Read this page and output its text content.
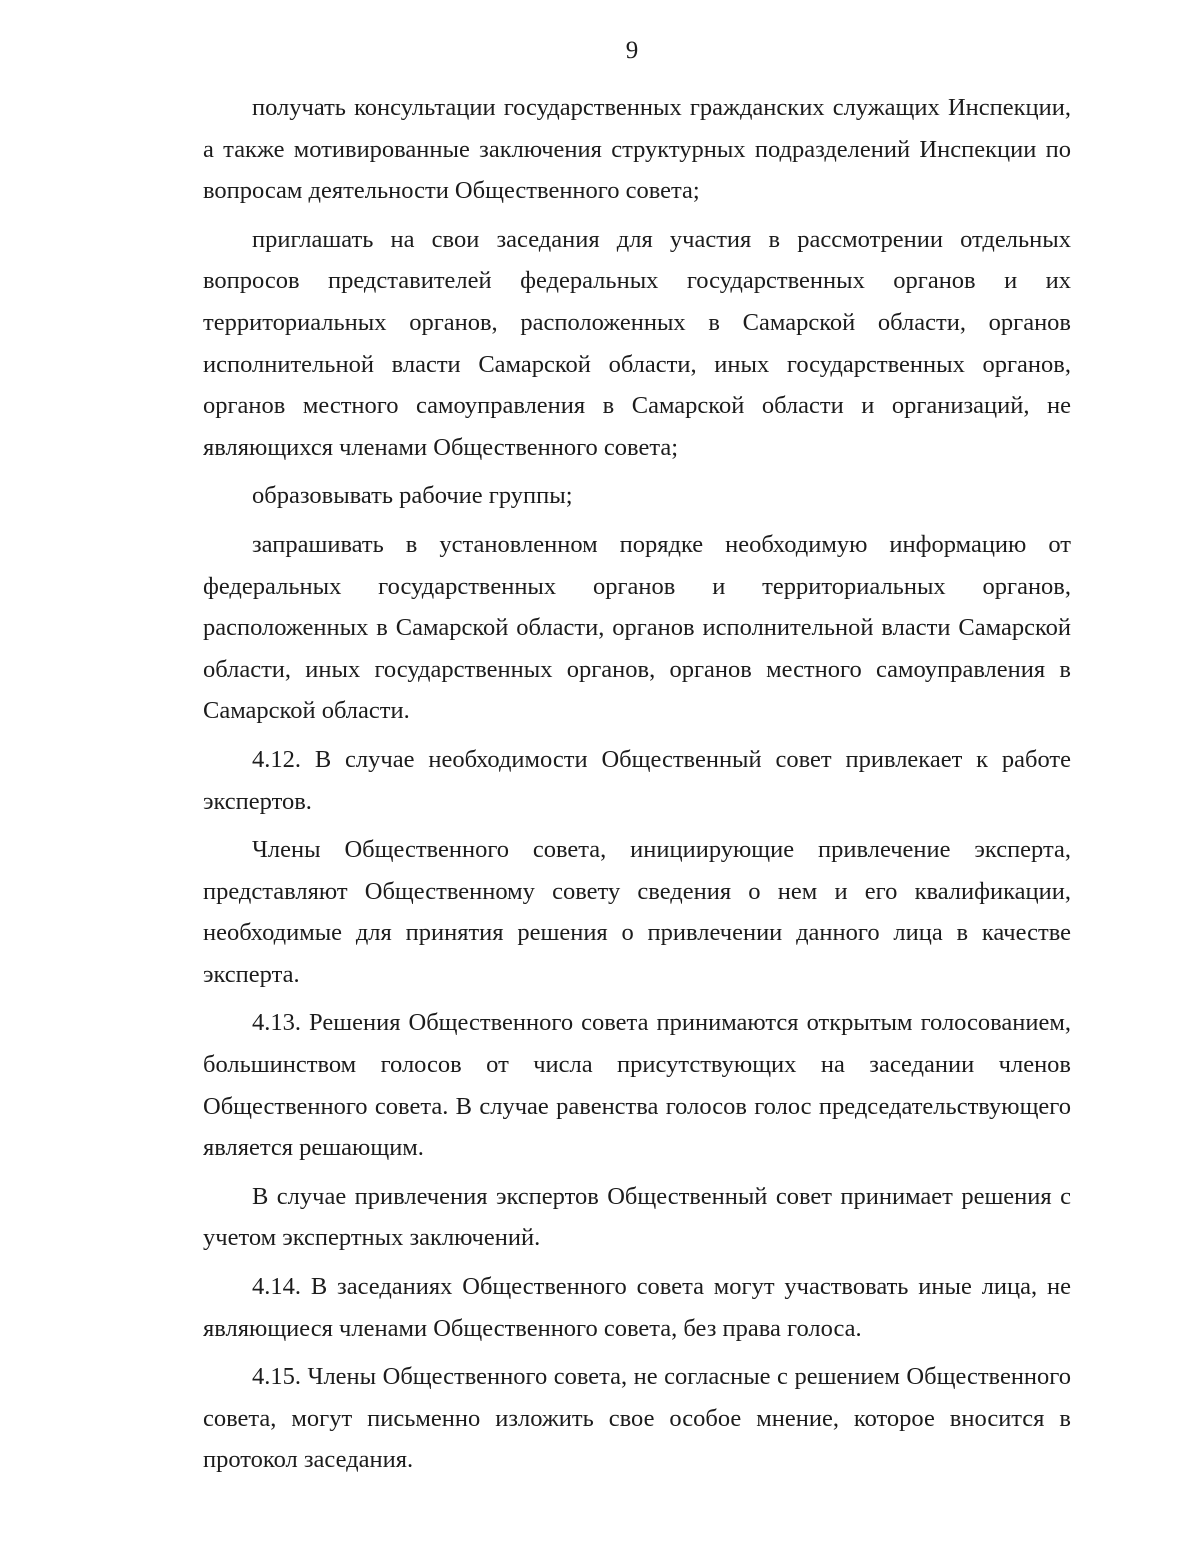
9

получать консультации государственных гражданских служащих Инспекции, а также мотивированные заключения структурных подразделений Инспекции по вопросам деятельности Общественного совета;

приглашать на свои заседания для участия в рассмотрении отдельных вопросов представителей федеральных государственных органов и их территориальных органов, расположенных в Самарской области, органов исполнительной власти Самарской области, иных государственных органов, органов местного самоуправления в Самарской области и организаций, не являющихся членами Общественного совета;

образовывать рабочие группы;

запрашивать в установленном порядке необходимую информацию от федеральных государственных органов и территориальных органов, расположенных в Самарской области, органов исполнительной власти Самарской области, иных государственных органов, органов местного самоуправления в Самарской области.

4.12. В случае необходимости Общественный совет привлекает к работе экспертов.

Члены Общественного совета, инициирующие привлечение эксперта, представляют Общественному совету сведения о нем и его квалификации, необходимые для принятия решения о привлечении данного лица в качестве эксперта.

4.13. Решения Общественного совета принимаются открытым голосованием, большинством голосов от числа присутствующих на заседании членов Общественного совета. В случае равенства голосов голос председательствующего является решающим.

В случае привлечения экспертов Общественный совет принимает решения с учетом экспертных заключений.

4.14. В заседаниях Общественного совета могут участвовать иные лица, не являющиеся членами Общественного совета, без права голоса.

4.15. Члены Общественного совета, не согласные с решением Общественного совета, могут письменно изложить свое особое мнение, которое вносится в протокол заседания.
